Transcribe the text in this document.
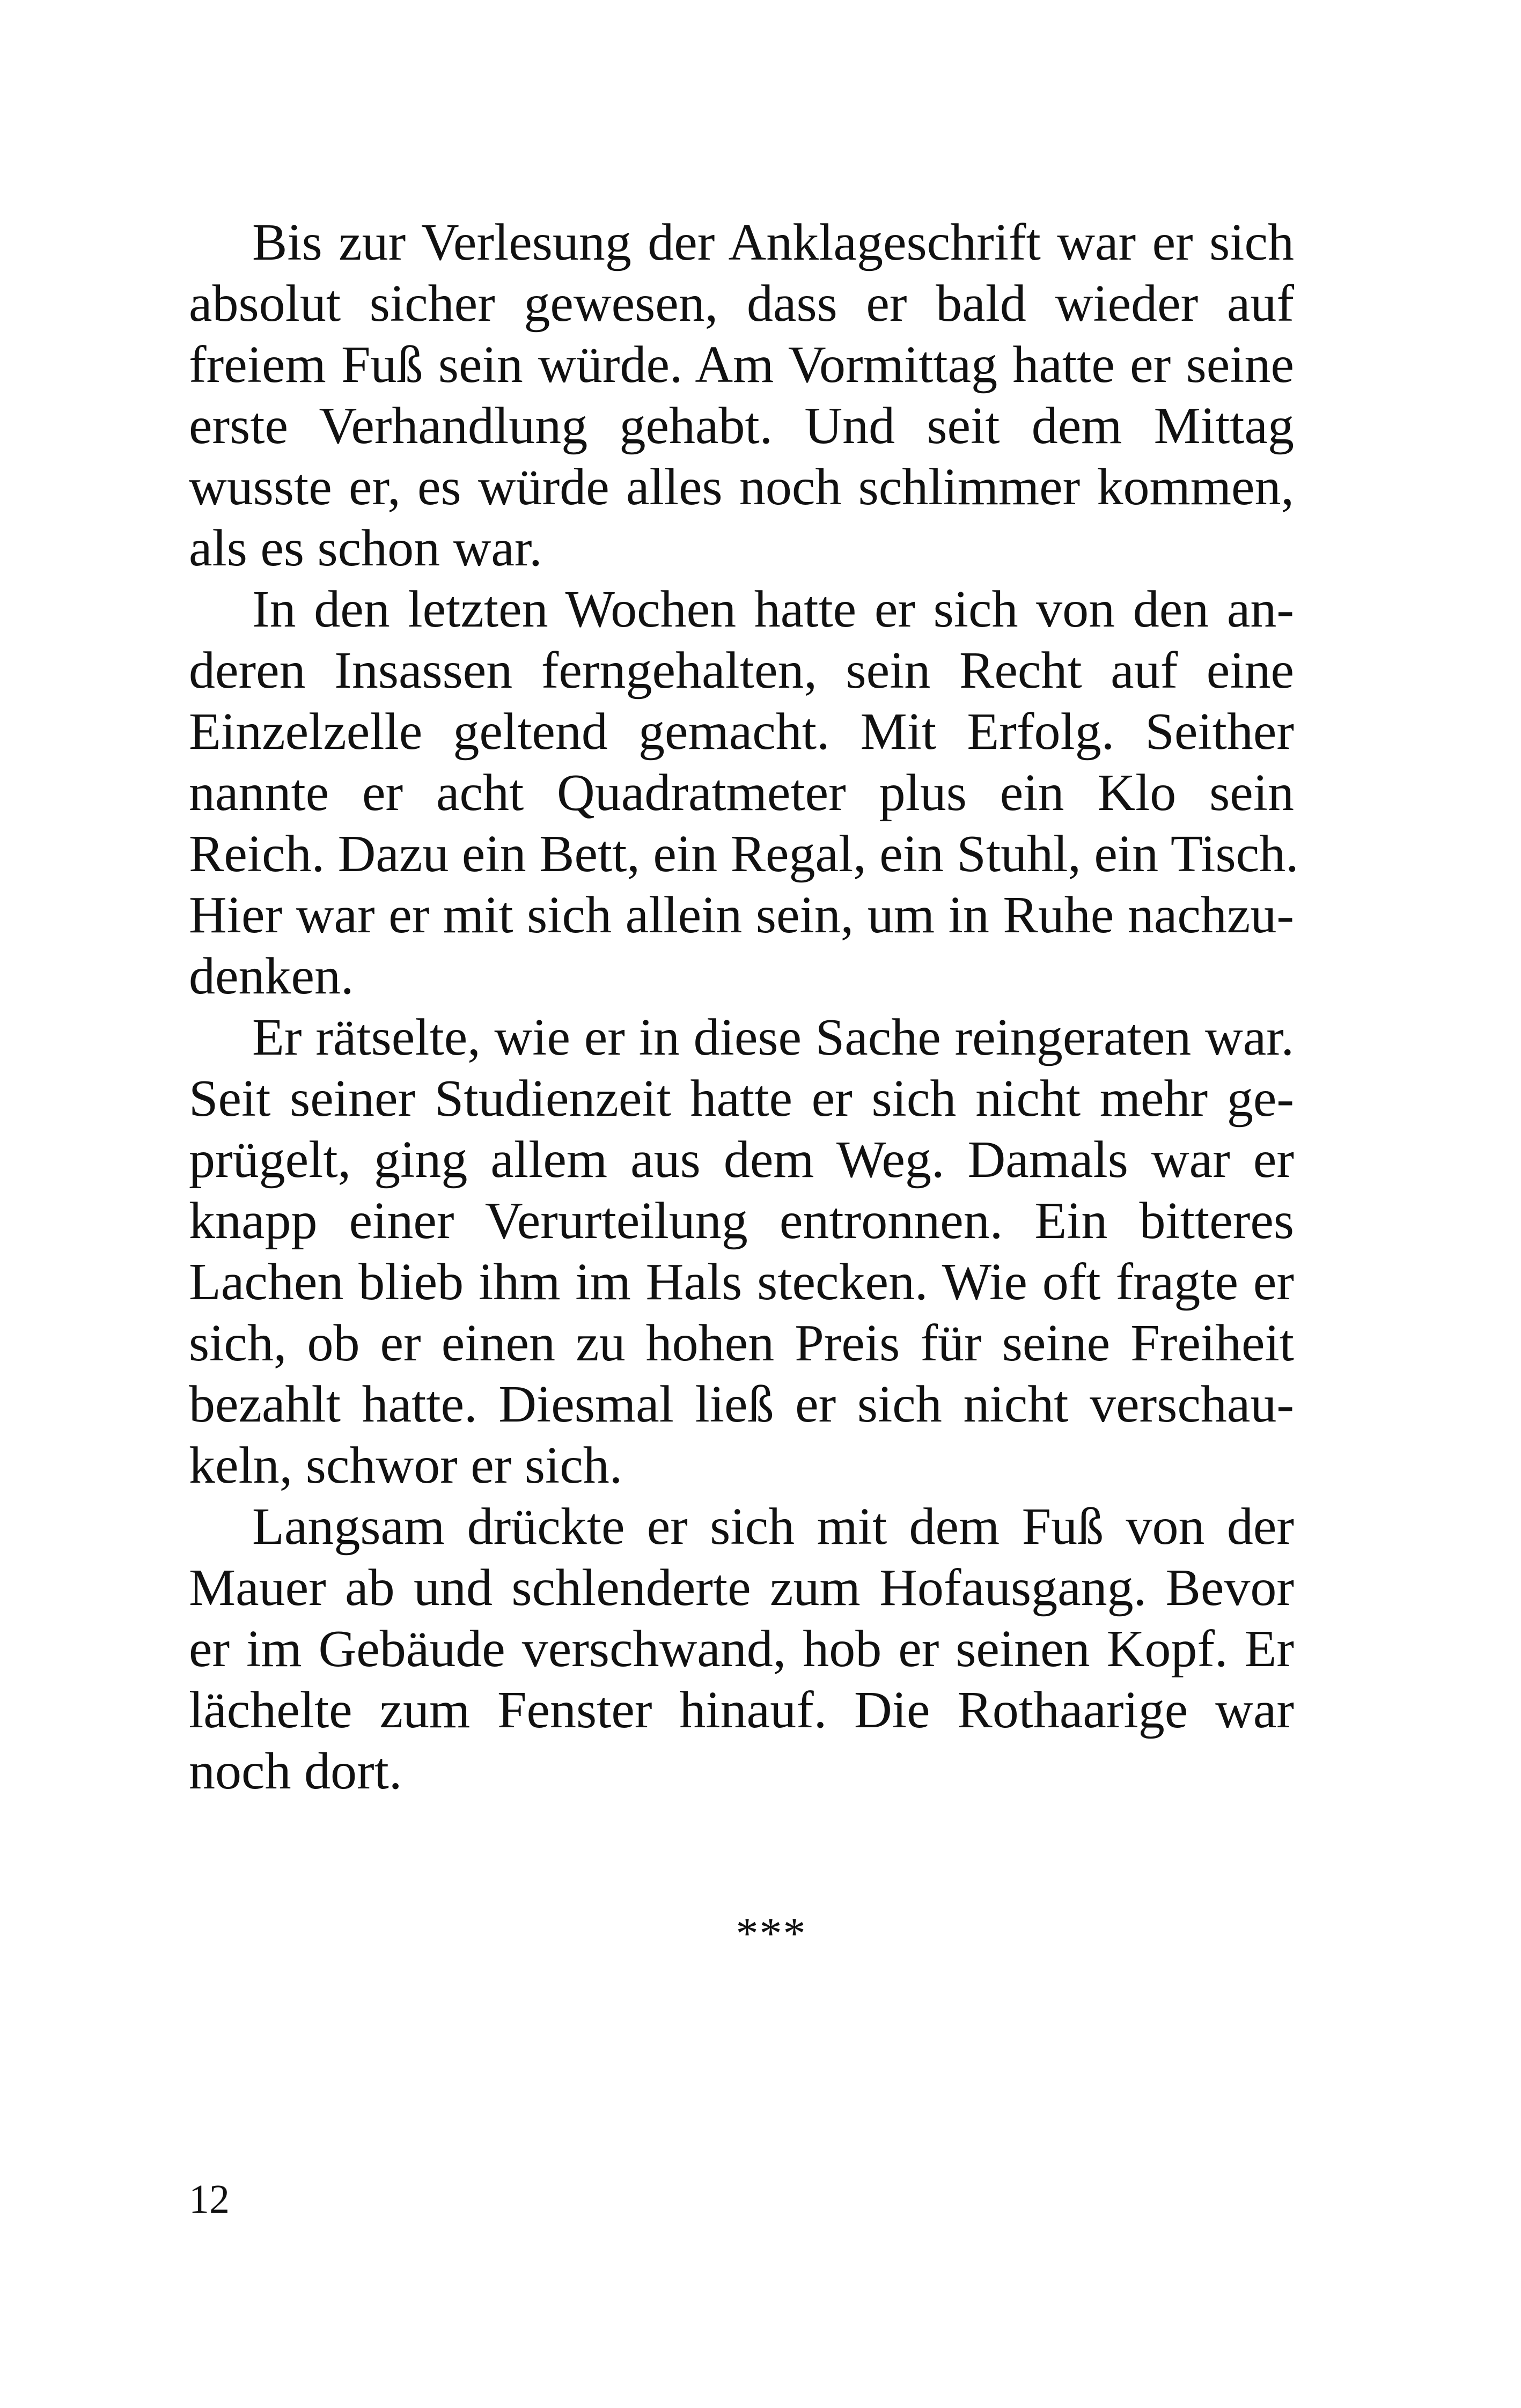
Bis zur Verlesung der Anklageschrift war er sich
absolut sicher gewesen, dass er bald wieder auf
freiem Fuß sein würde. Am Vormittag hatte er seine
erste Verhandlung gehabt. Und seit dem Mittag
wusste er, es würde alles noch schlimmer kommen,
als es schon war.
In den letzten Wochen hatte er sich von den an-
deren Insassen ferngehalten, sein Recht auf eine
Einzelzelle geltend gemacht. Mit Erfolg. Seither
nannte er acht Quadratmeter plus ein Klo sein
Reich. Dazu ein Bett, ein Regal, ein Stuhl, ein Tisch.
Hier war er mit sich allein sein, um in Ruhe nachzu-
denken.
Er rätselte, wie er in diese Sache reingeraten war.
Seit seiner Studienzeit hatte er sich nicht mehr ge-
prügelt, ging allem aus dem Weg. Damals war er
knapp einer Verurteilung entronnen. Ein bitteres
Lachen blieb ihm im Hals stecken. Wie oft fragte er
sich, ob er einen zu hohen Preis für seine Freiheit
bezahlt hatte. Diesmal ließ er sich nicht verschau-
keln, schwor er sich.
Langsam drückte er sich mit dem Fuß von der
Mauer ab und schlenderte zum Hofausgang. Bevor
er im Gebäude verschwand, hob er seinen Kopf. Er
lächelte zum Fenster hinauf. Die Rothaarige war
noch dort.
***
12
